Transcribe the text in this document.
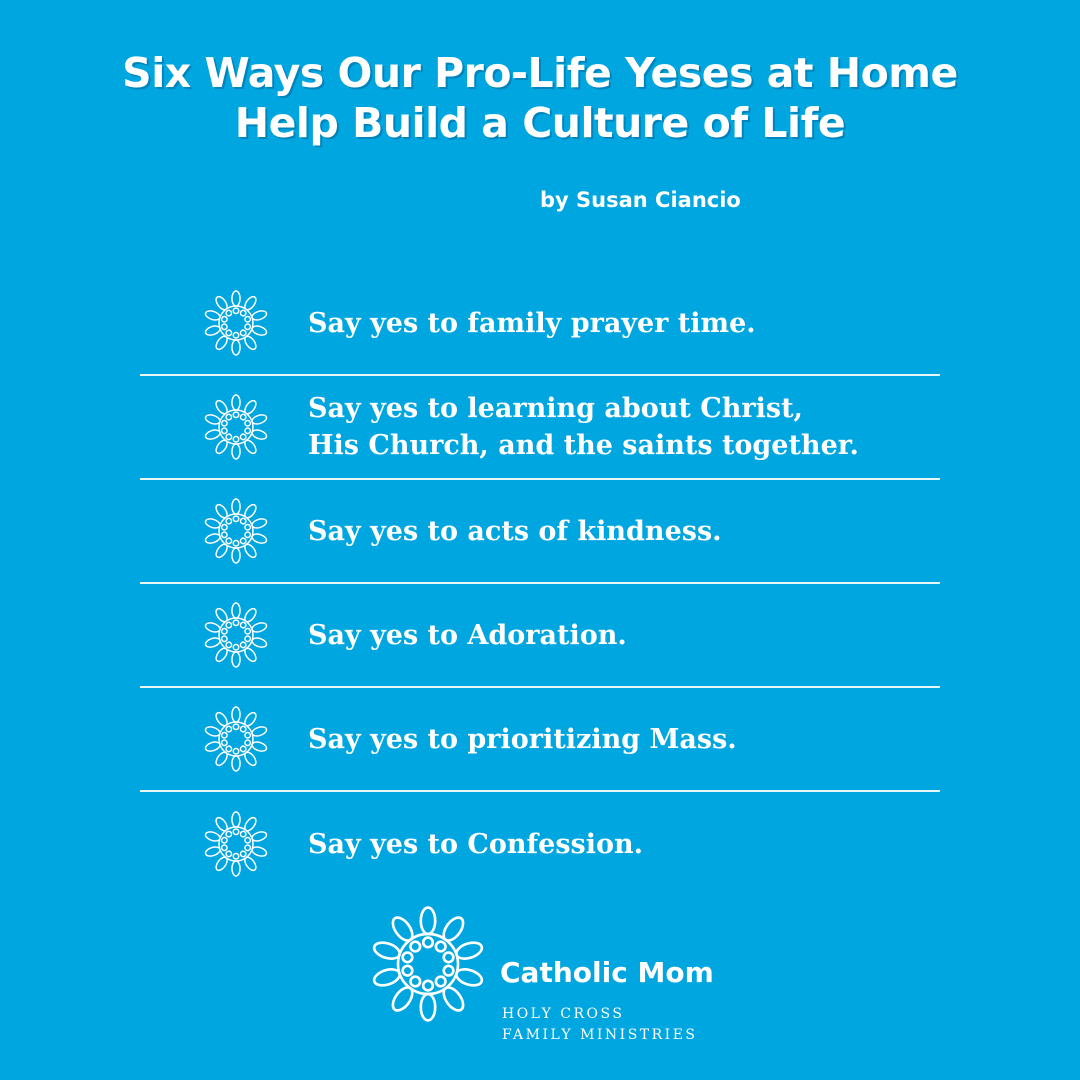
Six Ways Our Pro-Life Yeses at Home
Help Build a Culture of Life
by Susan Ciancio
Say yes to family prayer time.
Say yes to learning about Christ,
His Church, and the saints together.
Say yes to acts of kindness.
Say yes to Adoration.
Say yes to prioritizing Mass.
Say yes to Confession.
Catholic Mom
HOLY CROSS
FAMILY MINISTRIES
